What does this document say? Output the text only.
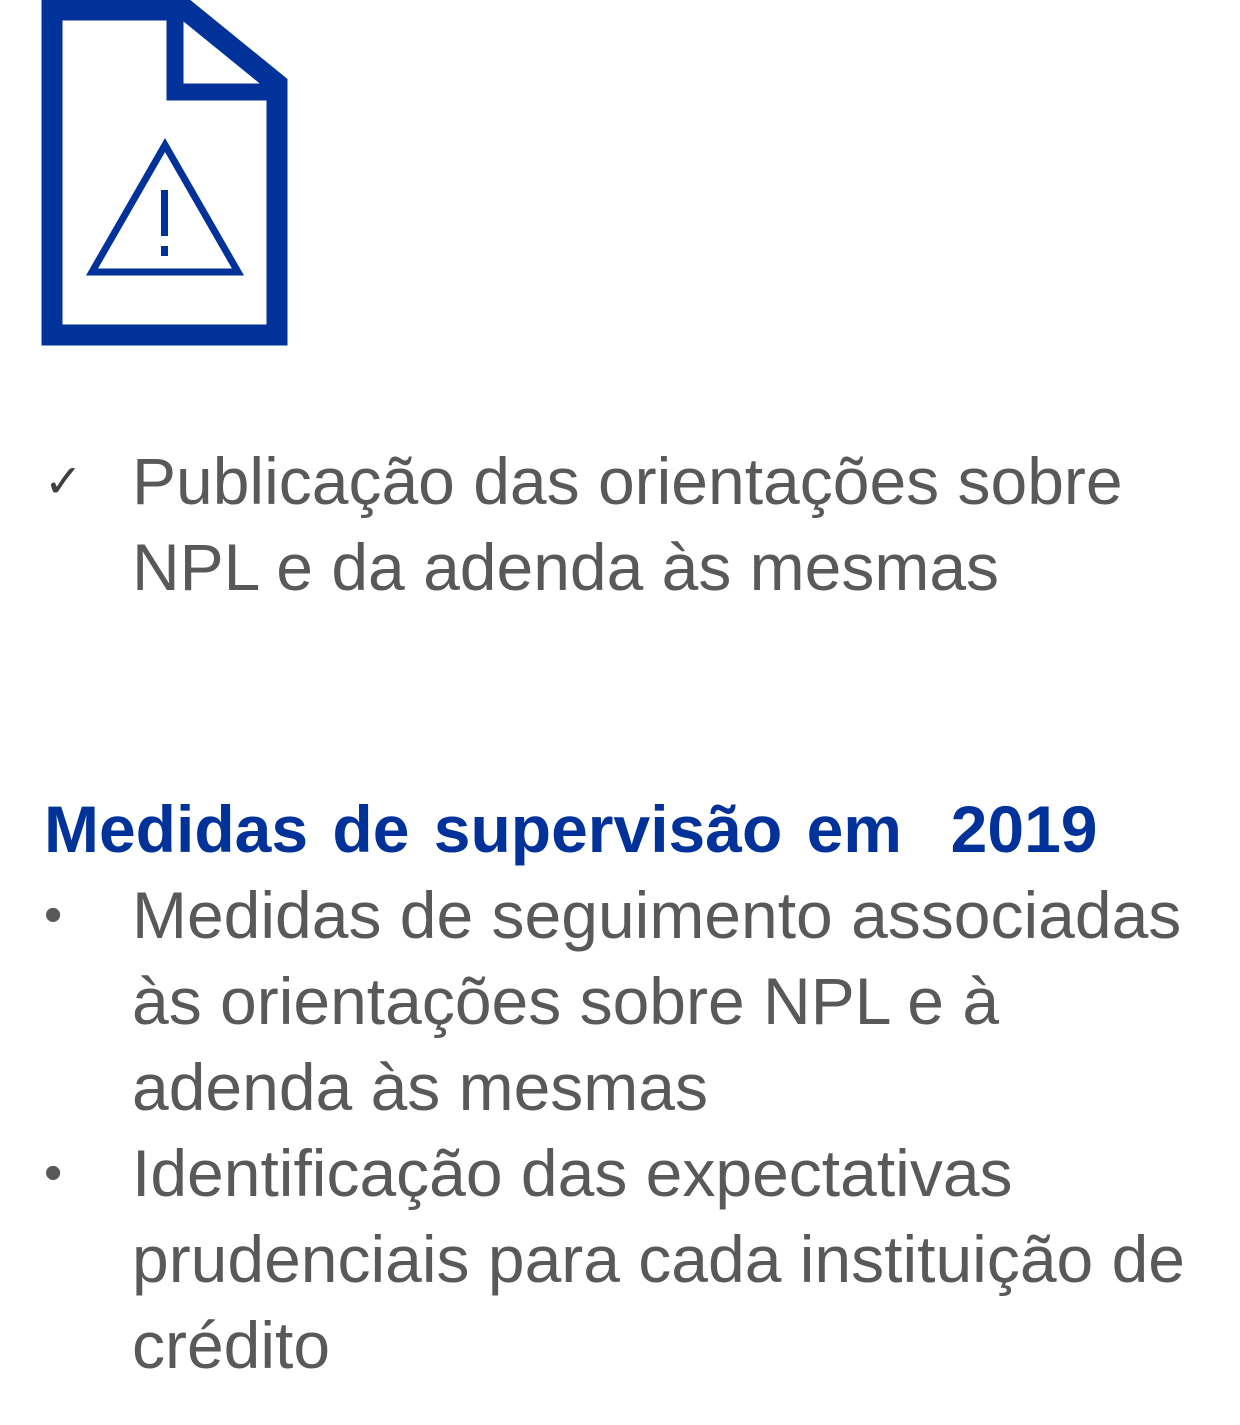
✓ Publicação das orientações sobre NPL e da adenda às mesmas
Medidas de supervisão em  2019
•	Medidas de seguimento associadas às orientações sobre NPL e à adenda às mesmas
•	Identificação das expectativas prudenciais para cada instituição de crédito
